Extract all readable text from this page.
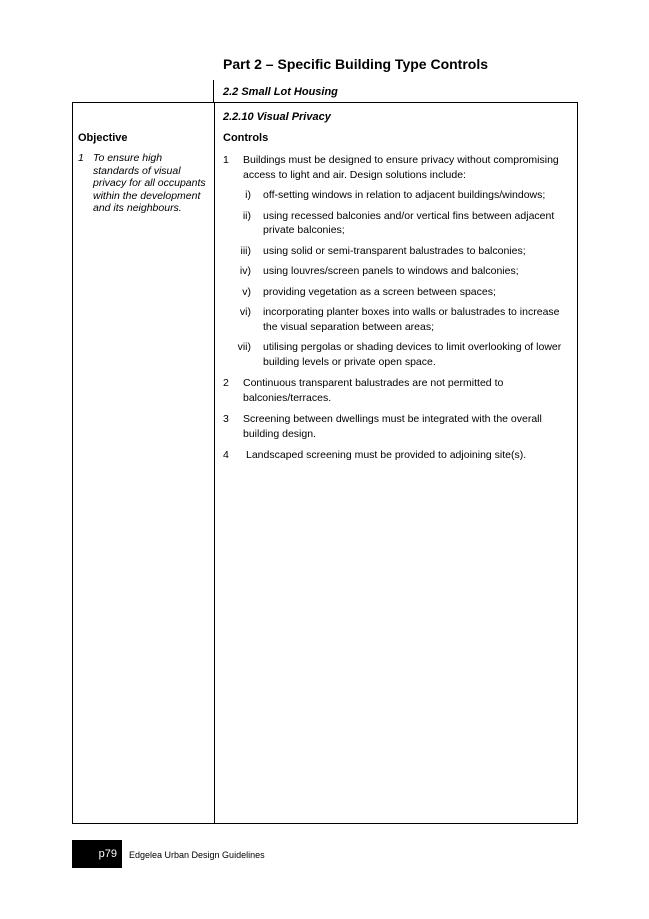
Part 2 – Specific Building Type Controls
2.2 Small Lot Housing
2.2.10 Visual Privacy
Objective	Controls
1 To ensure high standards of visual privacy for all occupants within the development and its neighbours.
1 Buildings must be designed to ensure privacy without compromising access to light and air. Design solutions include:
i) off-setting windows in relation to adjacent buildings/windows;
ii) using recessed balconies and/or vertical fins between adjacent private balconies;
iii) using solid or semi-transparent balustrades to balconies;
iv) using louvres/screen panels to windows and balconies;
v) providing vegetation as a screen between spaces;
vi) incorporating planter boxes into walls or balustrades to increase the visual separation between areas;
vii) utilising pergolas or shading devices to limit overlooking of lower building levels or private open space.
2 Continuous transparent balustrades are not permitted to balconies/terraces.
3 Screening between dwellings must be integrated with the overall building design.
4 Landscaped screening must be provided to adjoining site(s).
p79 Edgelea Urban Design Guidelines
